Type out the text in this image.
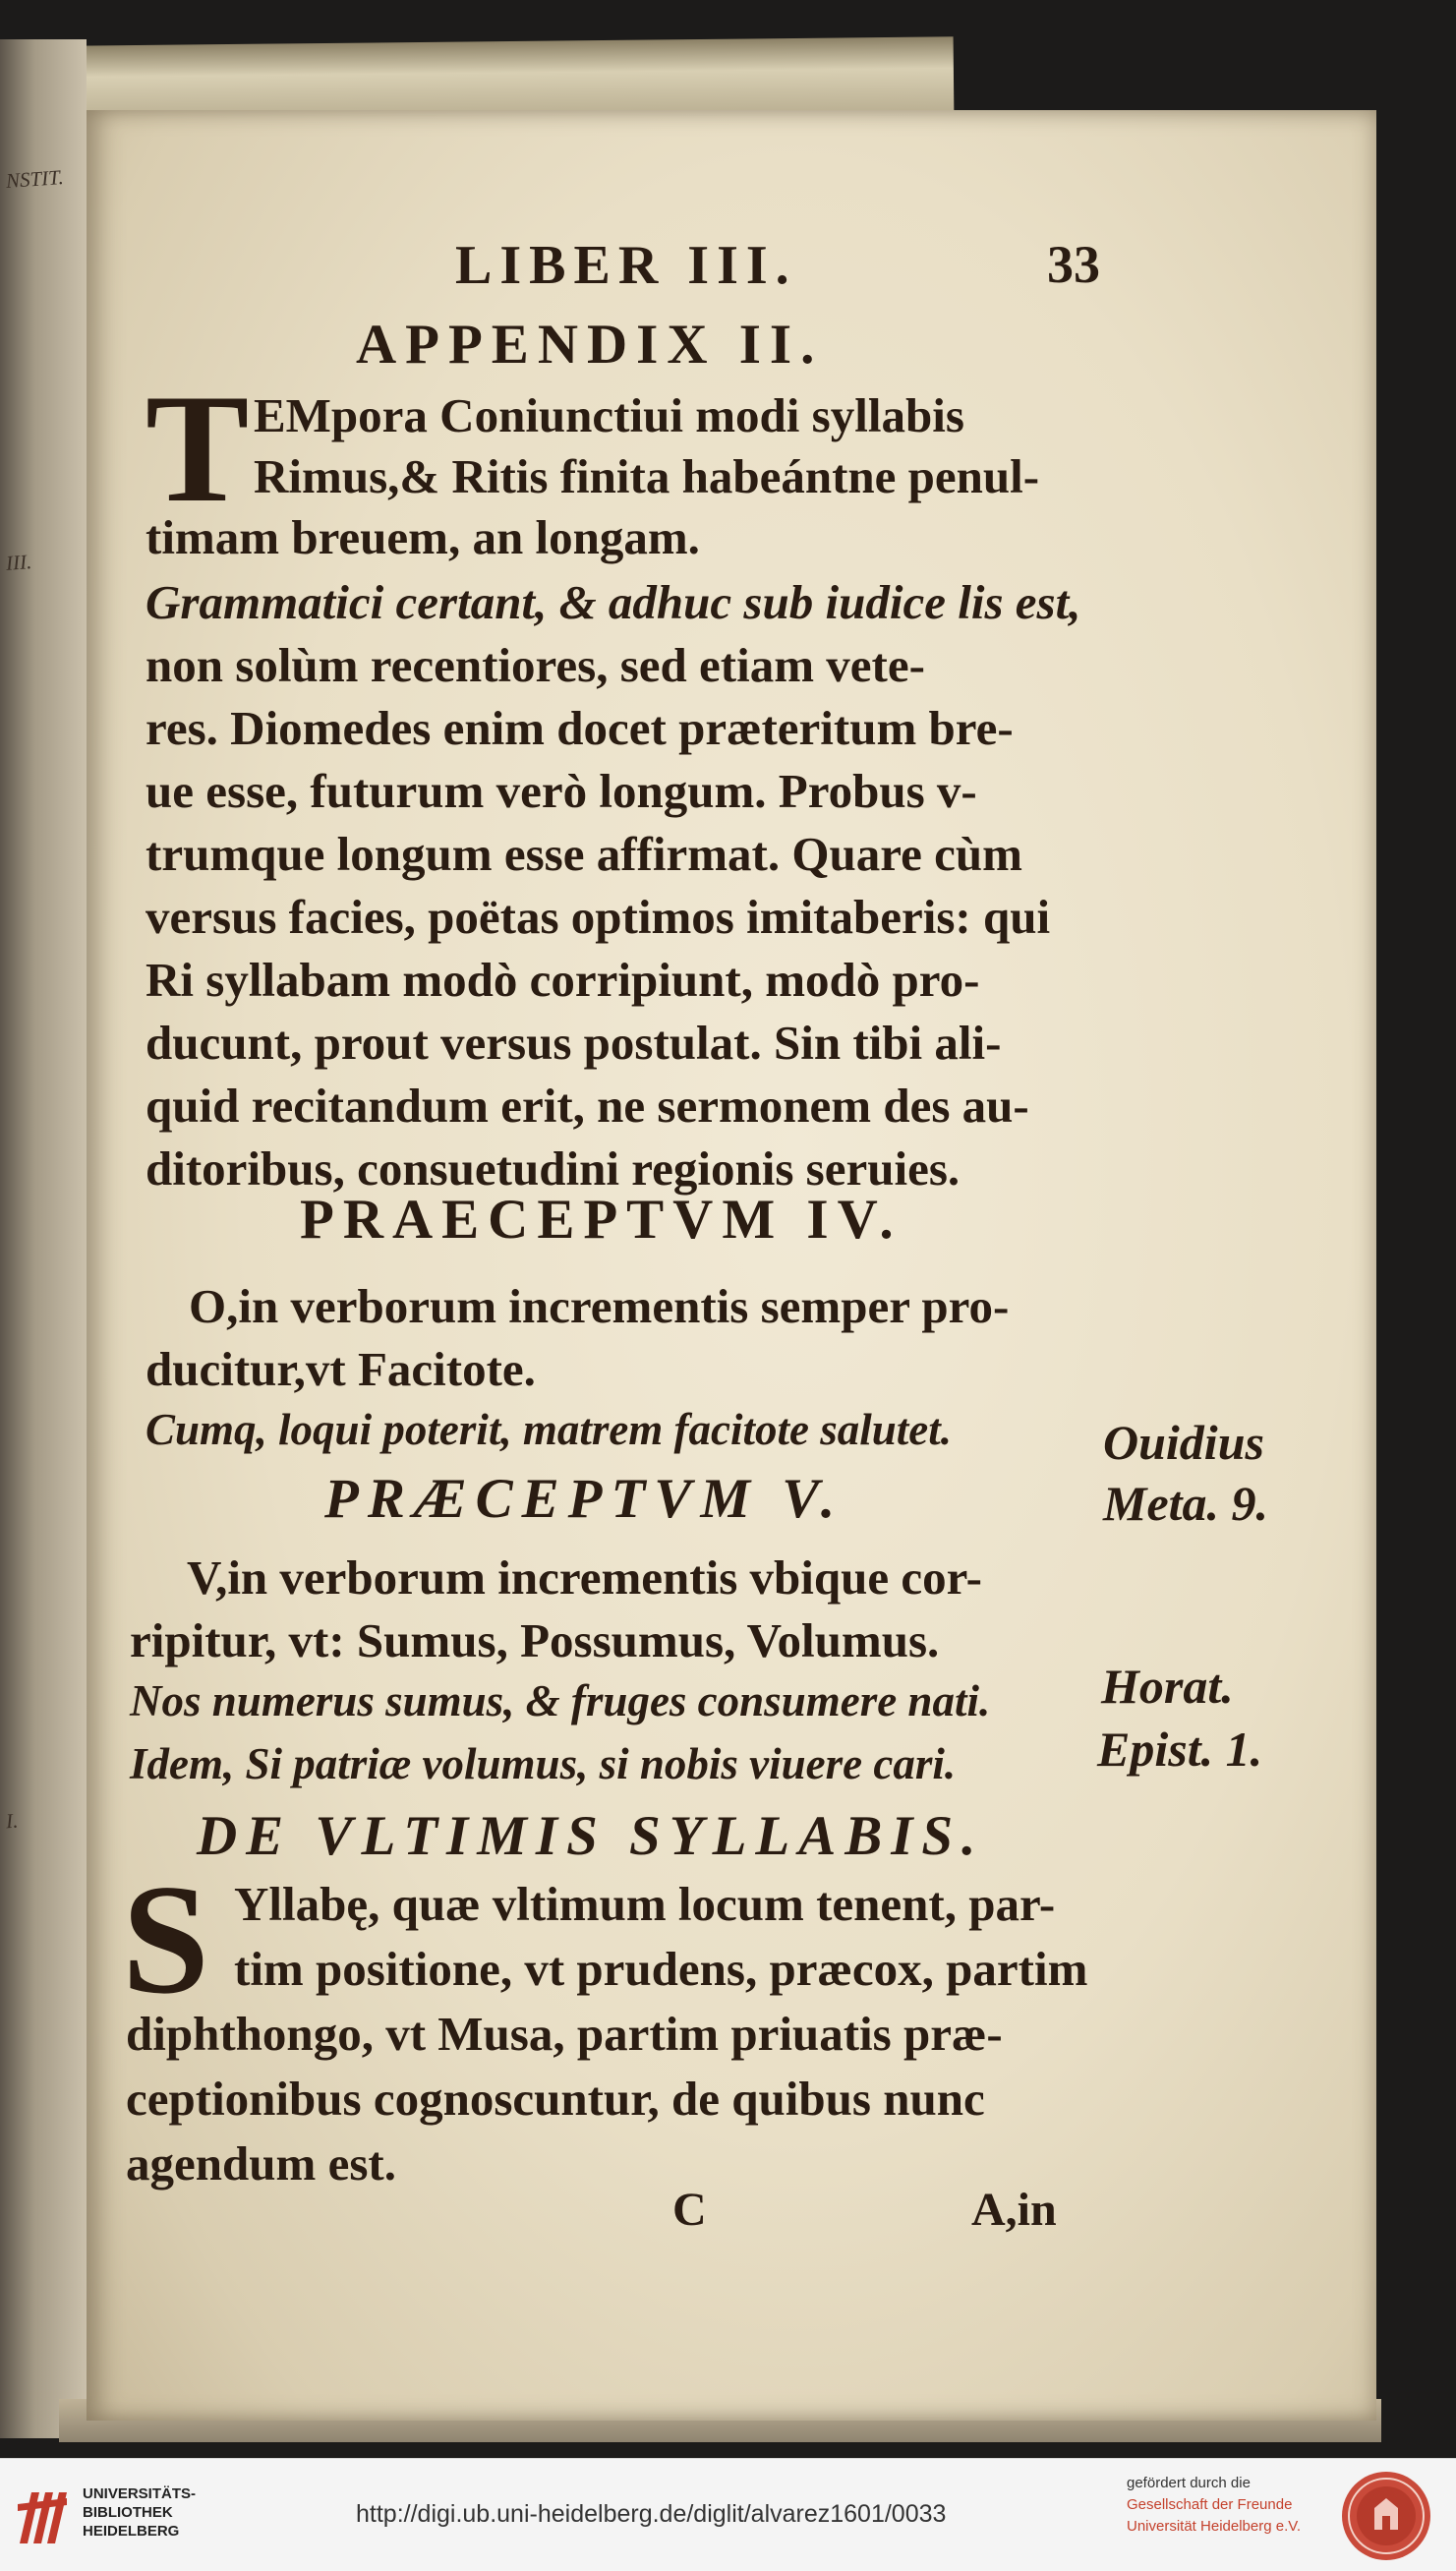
NSTIT.
III.
I.
LIBER III.	33
APPENDIX II.
T EMpora Coniunctiui modi syllabis
Rimus,& Ritis finita habeántne penul-
timam breuem, an longam.
Grammatici certant, & adhuc sub iudice lis est,
non solùm recentiores, sed etiam vete-
res. Diomedes enim docet præteritum bre-
ue esse, futurum verò longum. Probus v-
trumque longum esse affirmat. Quare cùm
versus facies, poëtas optimos imitaberis: qui
Ri syllabam modò corripiunt, modò pro-
ducunt, prout versus postulat. Sin tibi ali-
quid recitandum erit, ne sermonem des au-
ditoribus, consuetudini regionis seruies.
PRAECEPTVM IV.
O,in verborum incrementis semper pro-
ducitur,vt Facitote.
Cumq, loqui poterit, matrem facitote salutet.	Ouidius
Meta. 9.
PRÆCEPTVM V.
V,in verborum incrementis vbique cor-
ripitur, vt: Sumus, Possumus, Volumus.
Nos numerus sumus, & fruges consumere nati.
Idem, Si patriæ volumus, si nobis viuere cari.
Horat.
Epist. 1.
DE VLTIMIS SYLLABIS.
S Yllabę, quæ vltimum locum tenent, par-
tim positione, vt prudens, præcox, partim
diphthongo, vt Musa, partim priuatis præ-
ceptionibus cognoscuntur, de quibus nunc
agendum est.
C	A,in
UNIVERSITÄTS-
BIBLIOTHEK
HEIDELBERG
http://digi.ub.uni-heidelberg.de/diglit/alvarez1601/0033
gefördert durch die
Gesellschaft der Freunde
Universität Heidelberg e.V.
